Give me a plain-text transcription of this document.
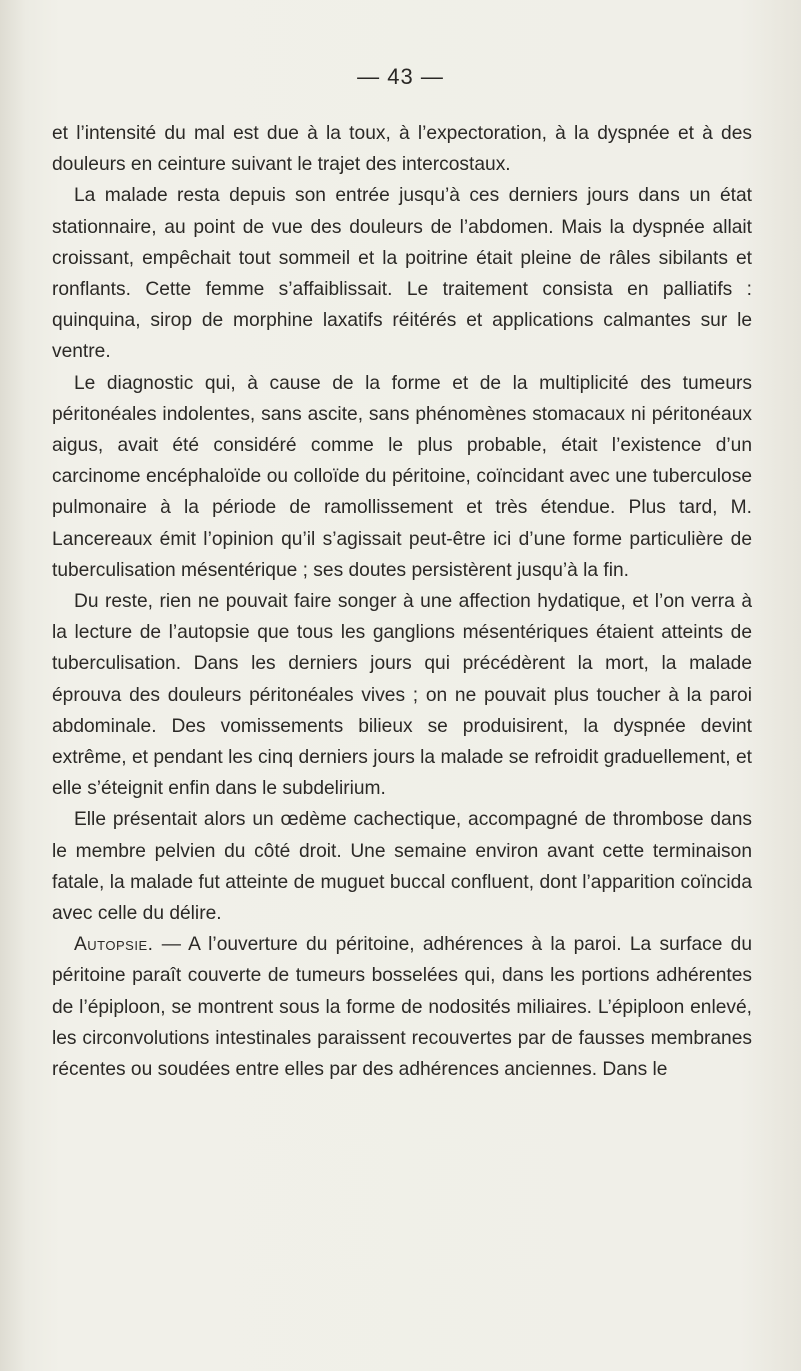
— 43 —

et l’intensité du mal est due à la toux, à l’expectoration, à la dyspnée et à des douleurs en ceinture suivant le trajet des intercostaux.

La malade resta depuis son entrée jusqu’à ces derniers jours dans un état stationnaire, au point de vue des douleurs de l’abdomen. Mais la dyspnée allait croissant, empêchait tout sommeil et la poitrine était pleine de râles sibilants et ronflants. Cette femme s’affaiblissait. Le traitement consista en palliatifs : quinquina, sirop de morphine laxatifs réitérés et applications calmantes sur le ventre.

Le diagnostic qui, à cause de la forme et de la multiplicité des tumeurs péritonéales indolentes, sans ascite, sans phénomènes stomacaux ni péritonéaux aigus, avait été considéré comme le plus probable, était l’existence d’un carcinome encéphaloïde ou colloïde du péritoine, coïncidant avec une tuberculose pulmonaire à la période de ramollissement et très étendue. Plus tard, M. Lancereaux émit l’opinion qu’il s’agissait peut-être ici d’une forme particulière de tuberculisation mésentérique ; ses doutes persistèrent jusqu’à la fin.

Du reste, rien ne pouvait faire songer à une affection hydatique, et l’on verra à la lecture de l’autopsie que tous les ganglions mésentériques étaient atteints de tuberculisation. Dans les derniers jours qui précédèrent la mort, la malade éprouva des douleurs péritonéales vives ; on ne pouvait plus toucher à la paroi abdominale. Des vomissements bilieux se produisirent, la dyspnée devint extrême, et pendant les cinq derniers jours la malade se refroidit graduellement, et elle s’éteignit enfin dans le subdelirium.

Elle présentait alors un œdème cachectique, accompagné de thrombose dans le membre pelvien du côté droit. Une semaine environ avant cette terminaison fatale, la malade fut atteinte de muguet buccal confluent, dont l’apparition coïncida avec celle du délire.

Autopsie. — A l’ouverture du péritoine, adhérences à la paroi. La surface du péritoine paraît couverte de tumeurs bosselées qui, dans les portions adhérentes de l’épiploon, se montrent sous la forme de nodosités miliaires. L’épiploon enlevé, les circonvolutions intestinales paraissent recouvertes par de fausses membranes récentes ou soudées entre elles par des adhérences anciennes. Dans le
